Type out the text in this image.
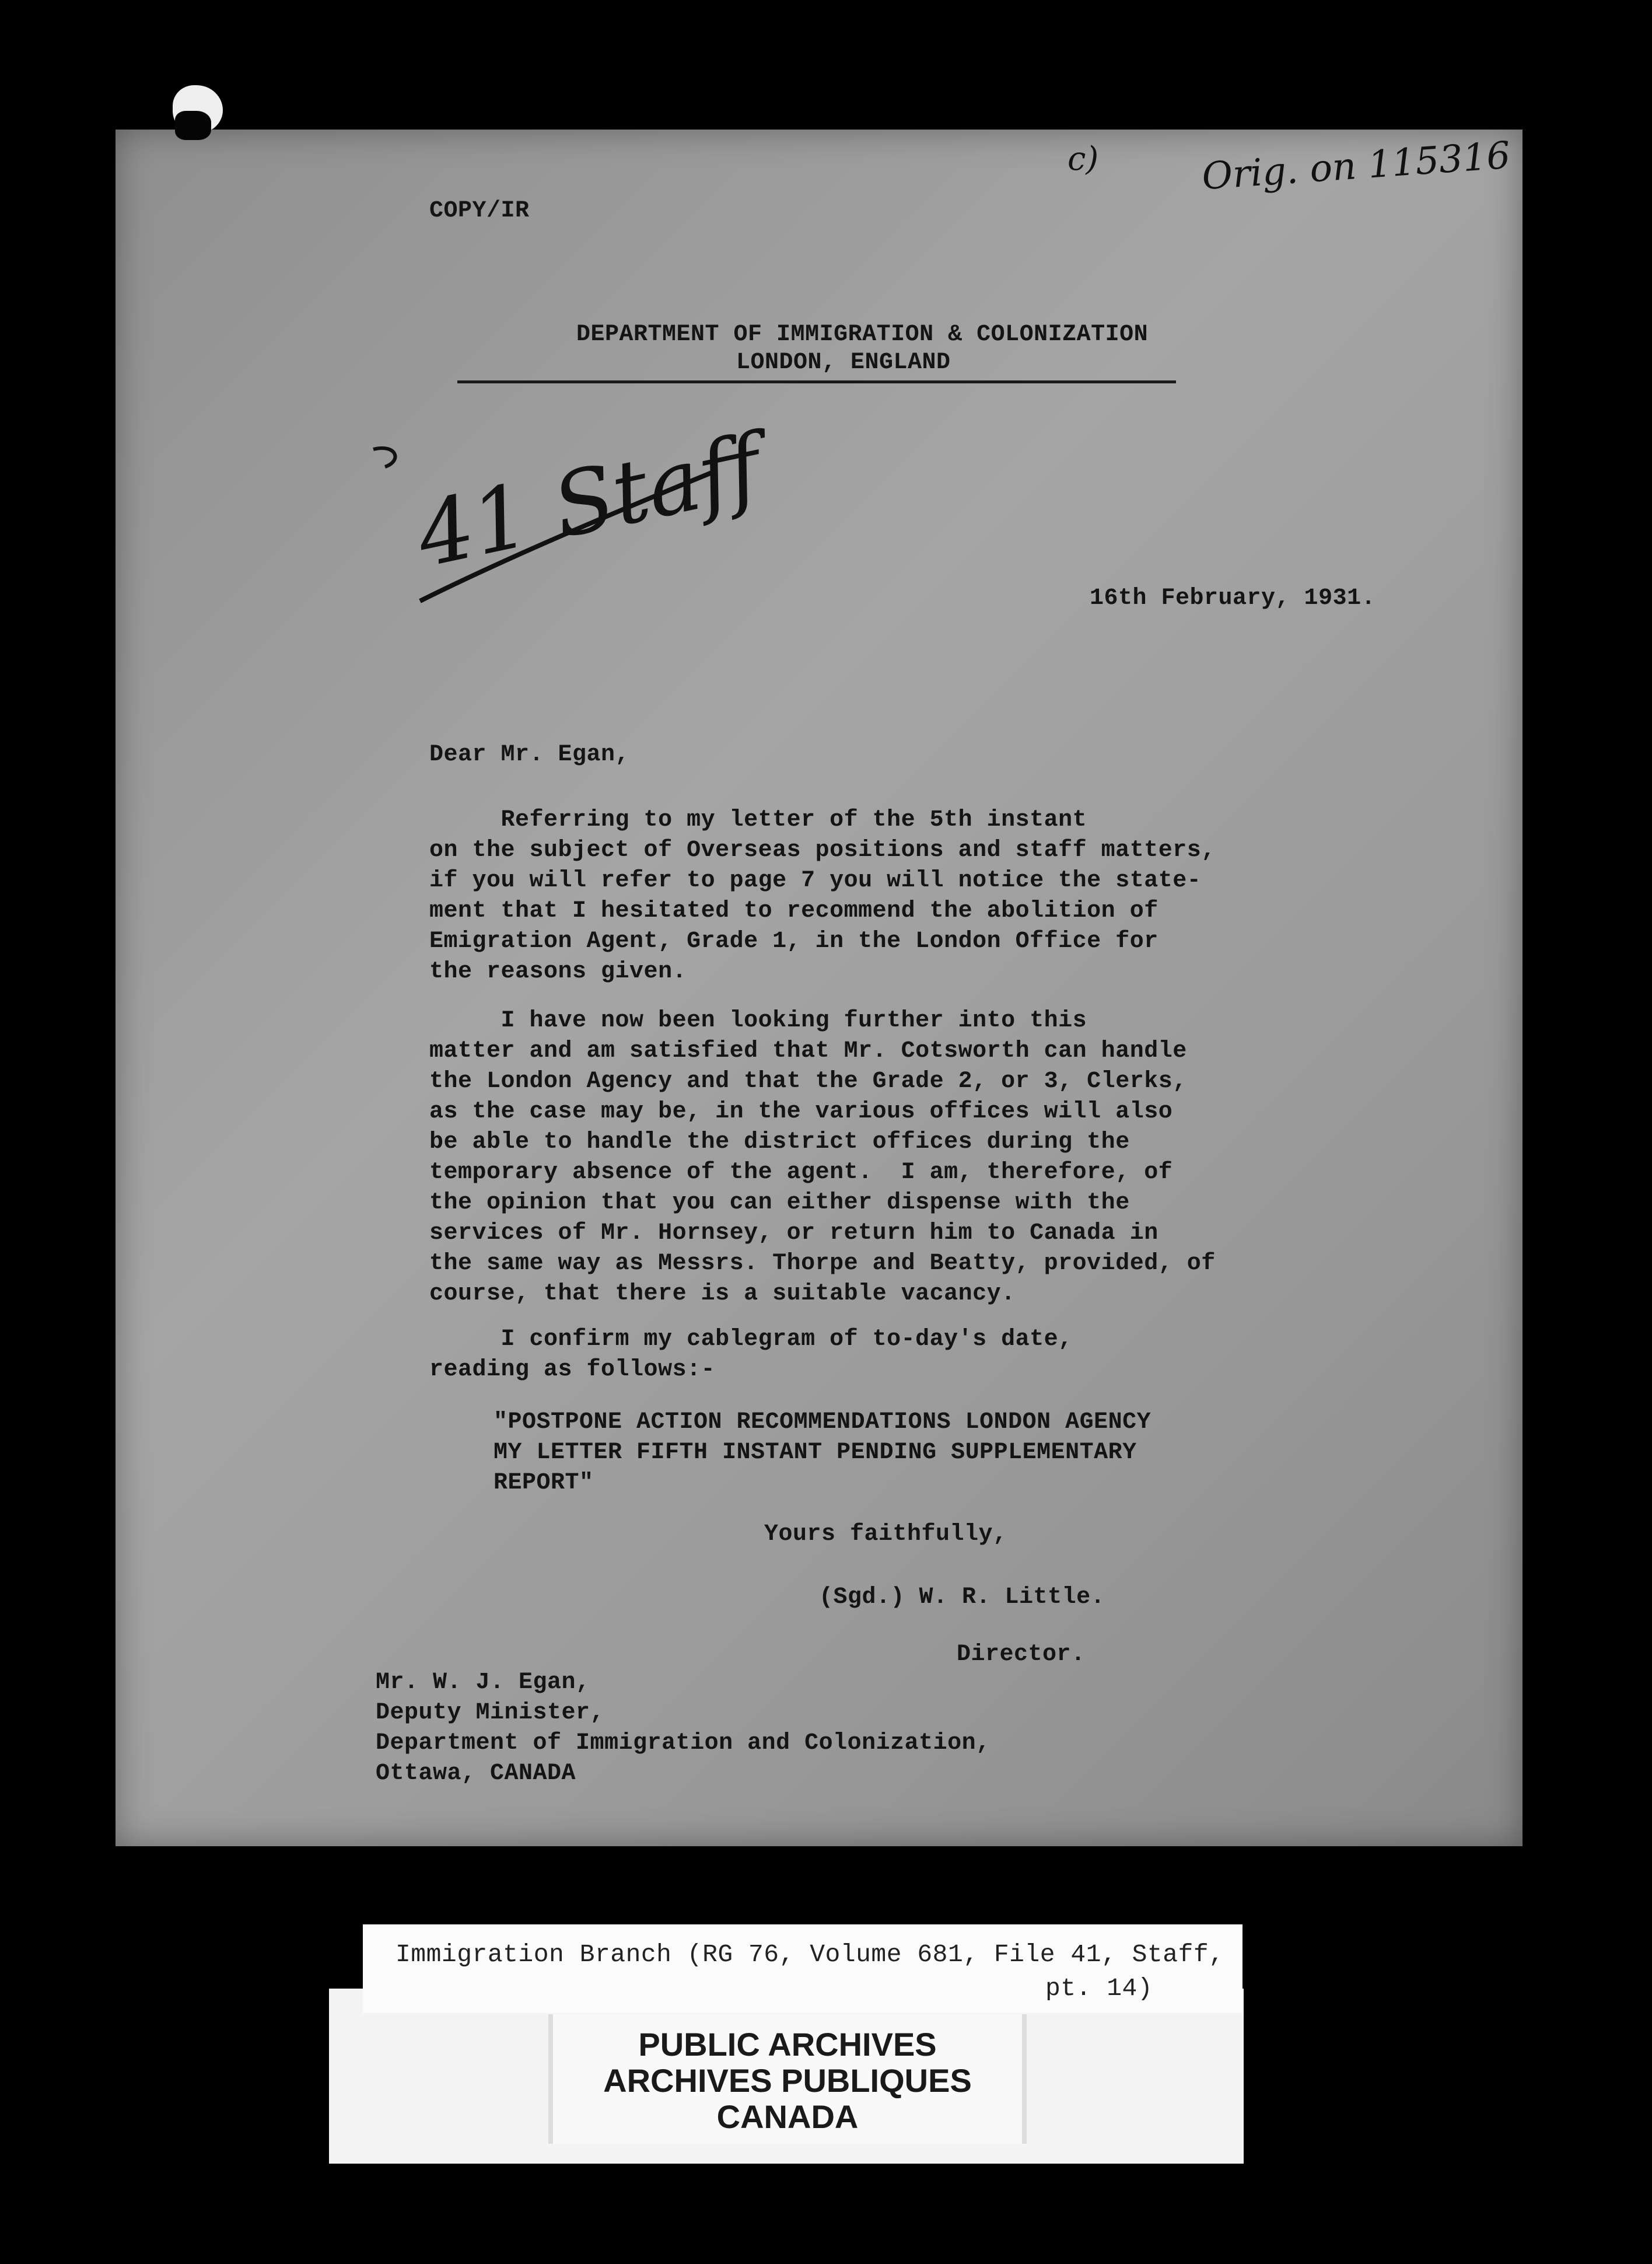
Orig. on 115316
c)
COPY/IR
DEPARTMENT OF IMMIGRATION & COLONIZATION
LONDON, ENGLAND
41 Staff
16th February, 1931.
Dear Mr. Egan,
Referring to my letter of the 5th instant
on the subject of Overseas positions and staff matters,
if you will refer to page 7 you will notice the state-
ment that I hesitated to recommend the abolition of
Emigration Agent, Grade 1, in the London Office for
the reasons given.
I have now been looking further into this
matter and am satisfied that Mr. Cotsworth can handle
the London Agency and that the Grade 2, or 3, Clerks,
as the case may be, in the various offices will also
be able to handle the district offices during the
temporary absence of the agent.  I am, therefore, of
the opinion that you can either dispense with the
services of Mr. Hornsey, or return him to Canada in
the same way as Messrs. Thorpe and Beatty, provided, of
course, that there is a suitable vacancy.
I confirm my cablegram of to-day's date,
reading as follows:-
"POSTPONE ACTION RECOMMENDATIONS LONDON AGENCY
MY LETTER FIFTH INSTANT PENDING SUPPLEMENTARY
REPORT"
Yours faithfully,
(Sgd.) W. R. Little.
Director.
Mr. W. J. Egan,
Deputy Minister,
Department of Immigration and Colonization,
Ottawa, CANADA
Immigration Branch (RG 76, Volume 681, File 41, Staff,
pt. 14)
PUBLIC ARCHIVES
ARCHIVES PUBLIQUES
CANADA
